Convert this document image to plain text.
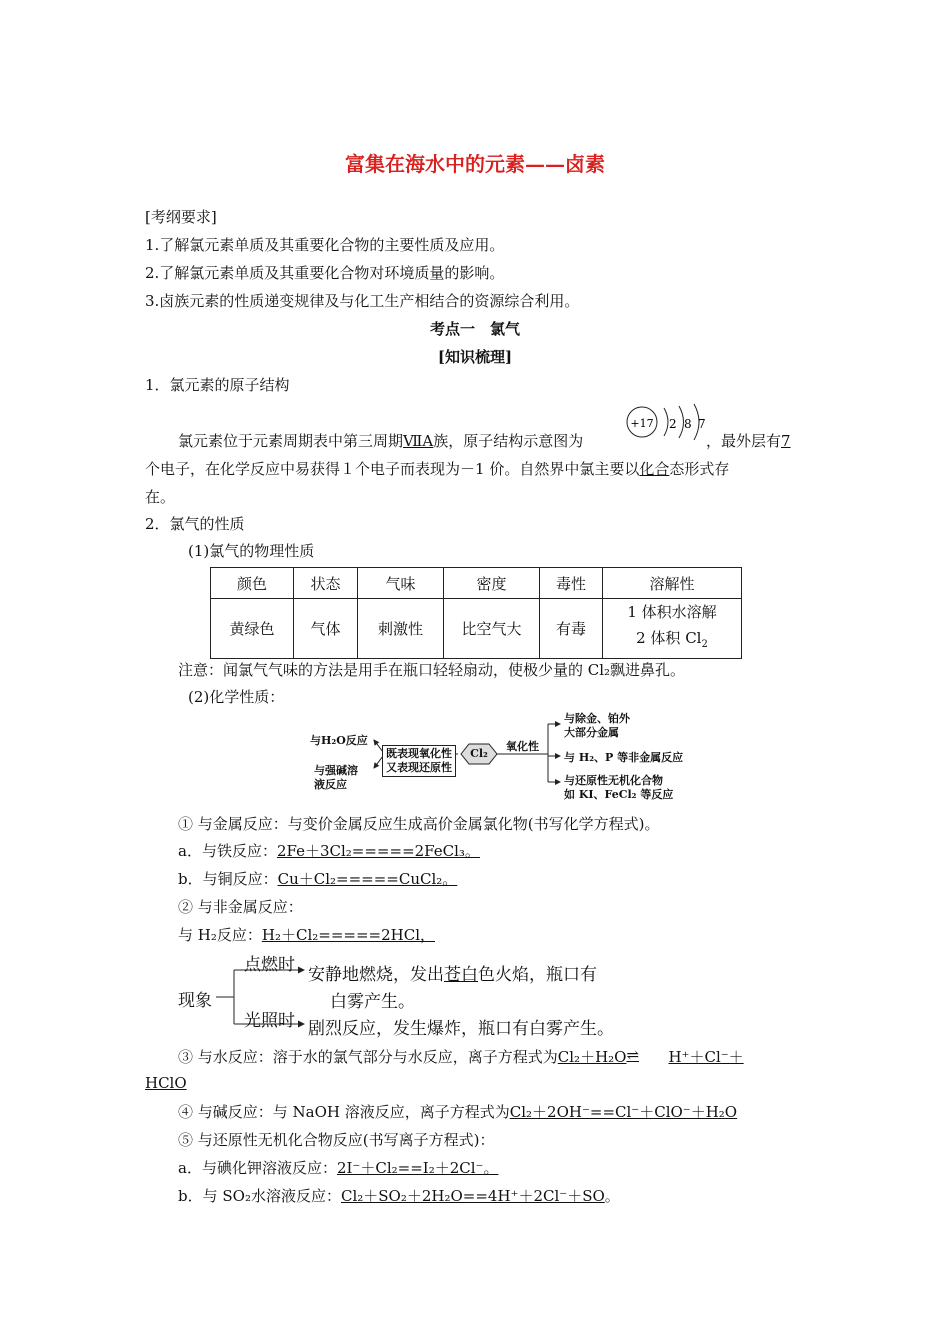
富集在海水中的元素——卤素
[考纲要求]
1.了解氯元素单质及其重要化合物的主要性质及应用。
2.了解氯元素单质及其重要化合物对环境质量的影响。
3.卤族元素的性质递变规律及与化工生产相结合的资源综合利用。
考点一　氯气
[知识梳理]
1．氯元素的原子结构
氯元素位于元素周期表中第三周期ⅦA族，原子结构示意图为
+17 2 8 7
，最外层有7
个电子，在化学反应中易获得１个电子而表现为－1 价。自然界中氯主要以化合态形式存
在。
2．氯气的性质
(1)氯气的物理性质
颜色	状态	气味	密度	毒性	溶解性
黄绿色	气体	刺激性	比空气大	有毒	1 体积水溶解
2 体积 $Cl_2$
注意：闻氯气气味的方法是用手在瓶口轻轻扇动，使极少量的 Cl₂飘进鼻孔。
(2)化学性质：
与H₂O反应
与强碱溶
液反应
既表现氧化性
又表现还原性
Cl₂
氧化性
与除金、铂外
大部分金属
与 H₂、P 等非金属反应
与还原性无机化合物
如 KI、FeCl₂ 等反应
① 与金属反应：与变价金属反应生成高价金属氯化物(书写化学方程式)。
a．与铁反应：2Fe＋3Cl₂=====2FeCl₃。
b．与铜反应：Cu＋Cl₂=====CuCl₂。
② 与非金属反应：
与 H₂反应：H₂＋Cl₂=====2HCl，
现象
点燃时 安静地燃烧，发出苍白色火焰，瓶口有
白雾产生。
光照时 剧烈反应，发生爆炸，瓶口有白雾产生。
③ 与水反应：溶于水的氯气部分与水反应，离子方程式为Cl₂＋H₂O⇌ H⁺＋Cl⁻＋
HClO
④ 与碱反应：与 NaOH 溶液反应，离子方程式为Cl₂＋2OH⁻==Cl⁻＋ClO⁻＋H₂O
⑤ 与还原性无机化合物反应(书写离子方程式)：
a．与碘化钾溶液反应：2I⁻＋Cl₂==I₂＋2Cl⁻。
b．与 SO₂水溶液反应：Cl₂＋SO₂＋2H₂O==4H⁺＋2Cl⁻＋SO。
